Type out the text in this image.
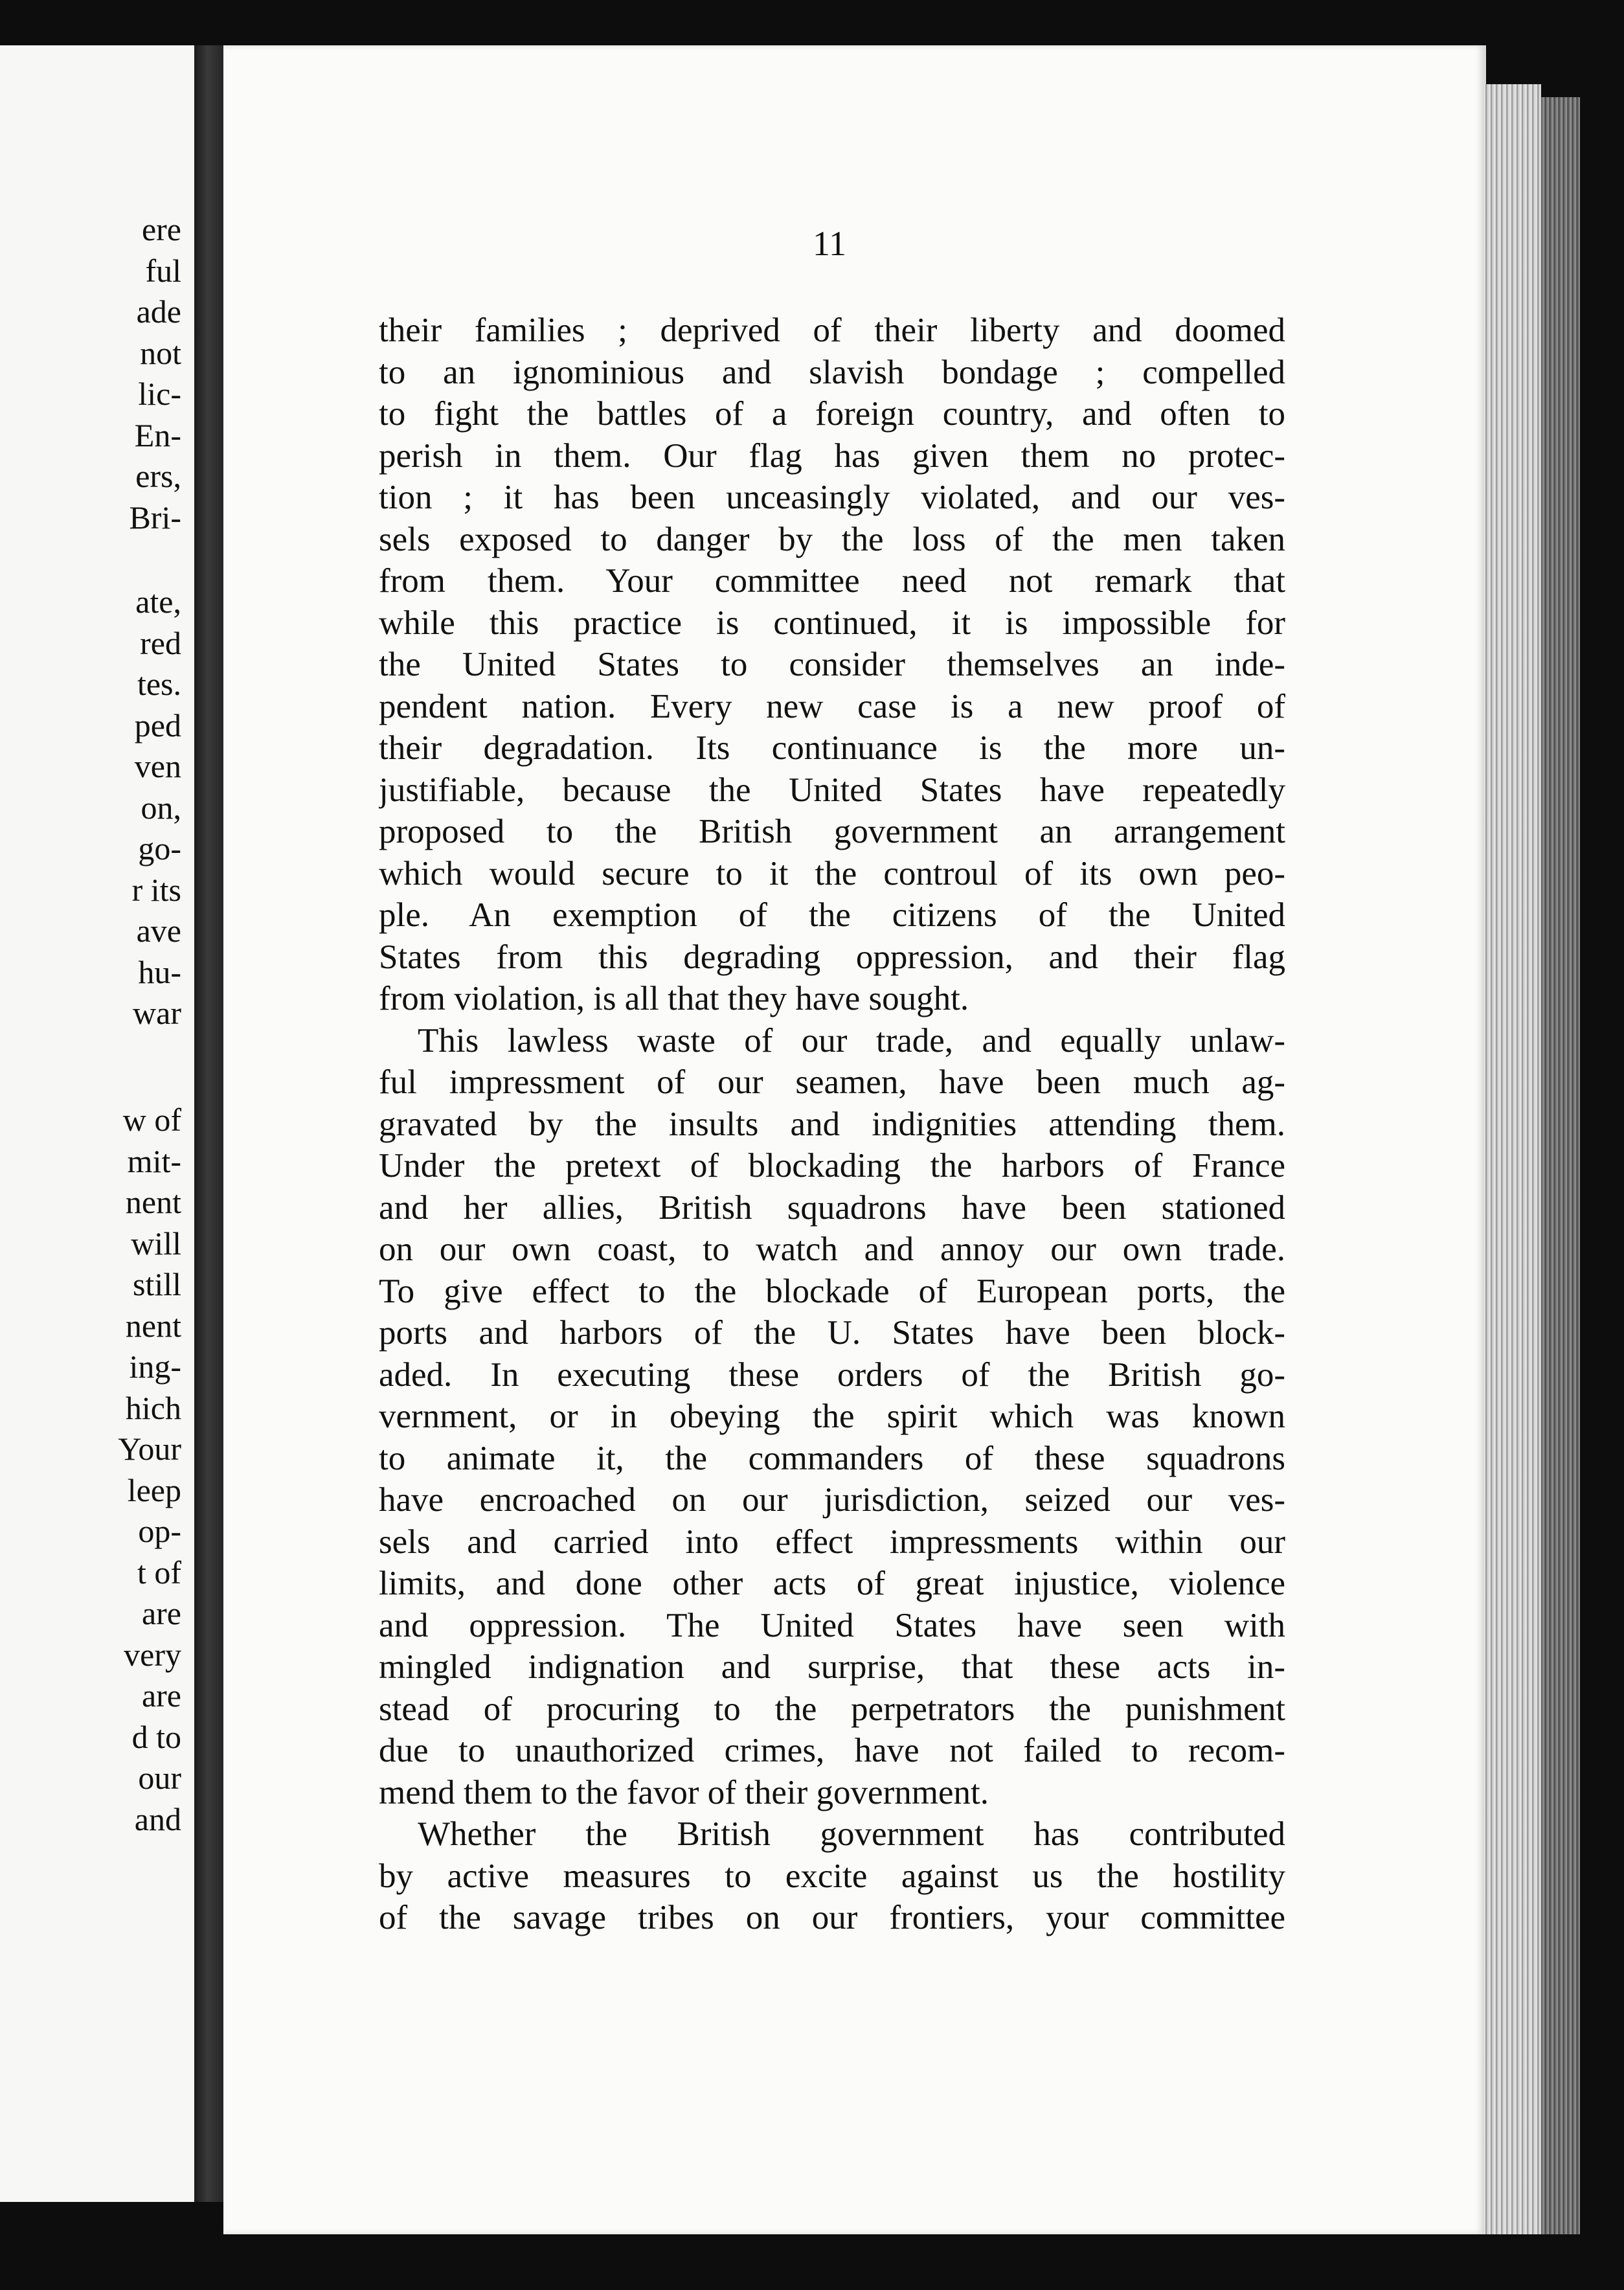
ere
ful
ade
not
lic-
En-
ers,
Bri-
ate,
red
tes.
ped
ven
on,
go-
r its
ave
hu-
war
w of
mit-
nent
will
still
nent
ing-
hich
Your
leep
op-
t of
are
very
are
d to
our
and
11
their families ; deprived of their liberty and doomed
to an ignominious and slavish bondage ; compelled
to fight the battles of a foreign country, and often to
perish in them. Our flag has given them no protec-
tion ; it has been unceasingly violated, and our ves-
sels exposed to danger by the loss of the men taken
from them. Your committee need not remark that
while this practice is continued, it is impossible for
the United States to consider themselves an inde-
pendent nation. Every new case is a new proof of
their degradation. Its continuance is the more un-
justifiable, because the United States have repeatedly
proposed to the British government an arrangement
which would secure to it the controul of its own peo-
ple. An exemption of the citizens of the United
States from this degrading oppression, and their flag
from violation, is all that they have sought.
This lawless waste of our trade, and equally unlaw-
ful impressment of our seamen, have been much ag-
gravated by the insults and indignities attending them.
Under the pretext of blockading the harbors of France
and her allies, British squadrons have been stationed
on our own coast, to watch and annoy our own trade.
To give effect to the blockade of European ports, the
ports and harbors of the U. States have been block-
aded. In executing these orders of the British go-
vernment, or in obeying the spirit which was known
to animate it, the commanders of these squadrons
have encroached on our jurisdiction, seized our ves-
sels and carried into effect impressments within our
limits, and done other acts of great injustice, violence
and oppression. The United States have seen with
mingled indignation and surprise, that these acts in-
stead of procuring to the perpetrators the punishment
due to unauthorized crimes, have not failed to recom-
mend them to the favor of their government.
Whether the British government has contributed
by active measures to excite against us the hostility
of the savage tribes on our frontiers, your committee
